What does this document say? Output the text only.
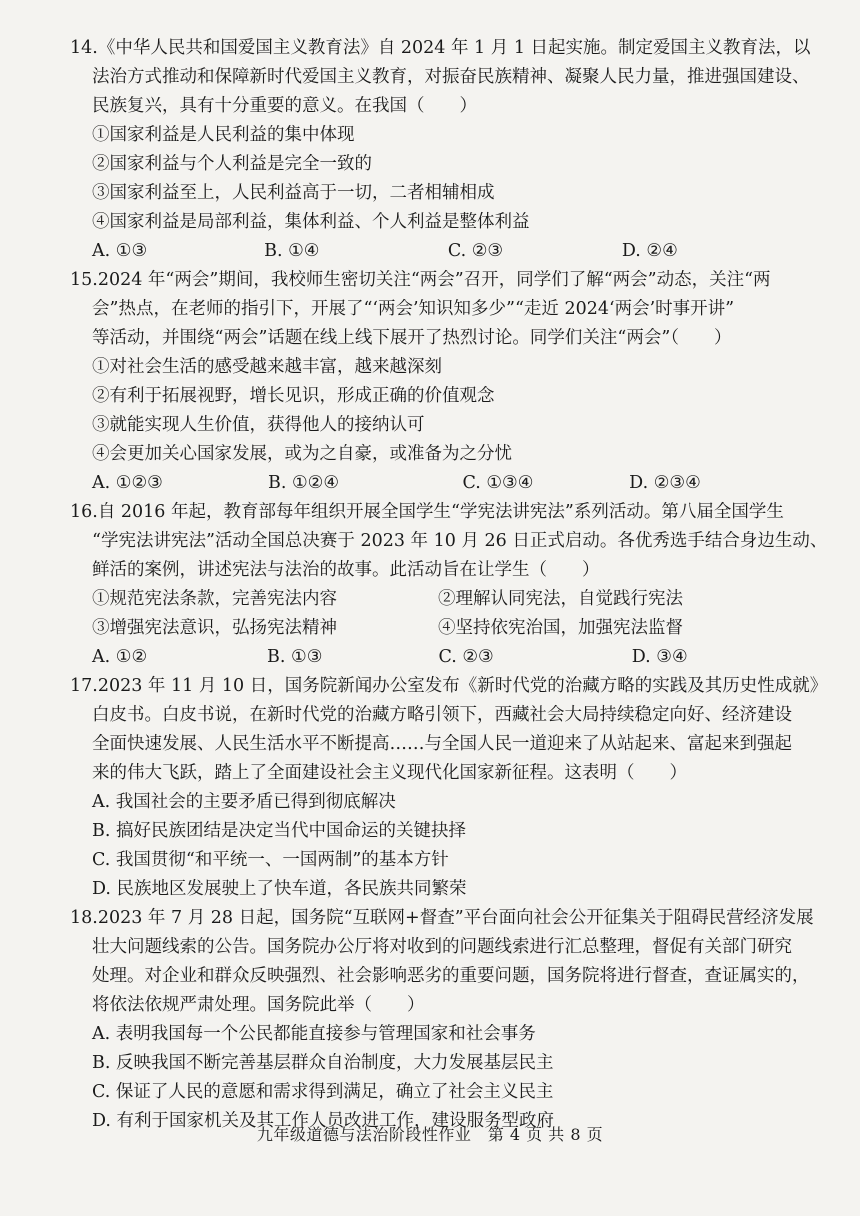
14.《中华人民共和国爱国主义教育法》自 2024 年 1 月 1 日起实施。制定爱国主义教育法，以
法治方式推动和保障新时代爱国主义教育，对振奋民族精神、凝聚人民力量，推进强国建设、
民族复兴，具有十分重要的意义。在我国（　　）
①国家利益是人民利益的集中体现
②国家利益与个人利益是完全一致的
③国家利益至上，人民利益高于一切，二者相辅相成
④国家利益是局部利益，集体利益、个人利益是整体利益
A. ①③	B. ①④	C. ②③	D. ②④
15.2024 年“两会”期间，我校师生密切关注“两会”召开，同学们了解“两会”动态，关注“两
会”热点，在老师的指引下，开展了“‘两会’知识知多少”“走近 2024‘两会’时事开讲”
等活动，并围绕“两会”话题在线上线下展开了热烈讨论。同学们关注“两会”（　　）
①对社会生活的感受越来越丰富，越来越深刻
②有利于拓展视野，增长见识，形成正确的价值观念
③就能实现人生价值，获得他人的接纳认可
④会更加关心国家发展，或为之自豪，或准备为之分忧
A. ①②③	B. ①②④	C. ①③④	D. ②③④
16.自 2016 年起，教育部每年组织开展全国学生“学宪法讲宪法”系列活动。第八届全国学生
“学宪法讲宪法”活动全国总决赛于 2023 年 10 月 26 日正式启动。各优秀选手结合身边生动、
鲜活的案例，讲述宪法与法治的故事。此活动旨在让学生（　　）
①规范宪法条款，完善宪法内容	②理解认同宪法，自觉践行宪法
③增强宪法意识，弘扬宪法精神	④坚持依宪治国，加强宪法监督
A. ①②	B. ①③	C. ②③	D. ③④
17.2023 年 11 月 10 日，国务院新闻办公室发布《新时代党的治藏方略的实践及其历史性成就》
白皮书。白皮书说，在新时代党的治藏方略引领下，西藏社会大局持续稳定向好、经济建设
全面快速发展、人民生活水平不断提高……与全国人民一道迎来了从站起来、富起来到强起
来的伟大飞跃，踏上了全面建设社会主义现代化国家新征程。这表明（　　）
A. 我国社会的主要矛盾已得到彻底解决
B. 搞好民族团结是决定当代中国命运的关键抉择
C. 我国贯彻“和平统一、一国两制”的基本方针
D. 民族地区发展驶上了快车道，各民族共同繁荣
18.2023 年 7 月 28 日起，国务院“互联网+督查”平台面向社会公开征集关于阻碍民营经济发展
壮大问题线索的公告。国务院办公厅将对收到的问题线索进行汇总整理，督促有关部门研究
处理。对企业和群众反映强烈、社会影响恶劣的重要问题，国务院将进行督查，查证属实的，
将依法依规严肃处理。国务院此举（　　）
A. 表明我国每一个公民都能直接参与管理国家和社会事务
B. 反映我国不断完善基层群众自治制度，大力发展基层民主
C. 保证了人民的意愿和需求得到满足，确立了社会主义民主
D. 有利于国家机关及其工作人员改进工作，建设服务型政府
九年级道德与法治阶段性作业　第 4 页 共 8 页
